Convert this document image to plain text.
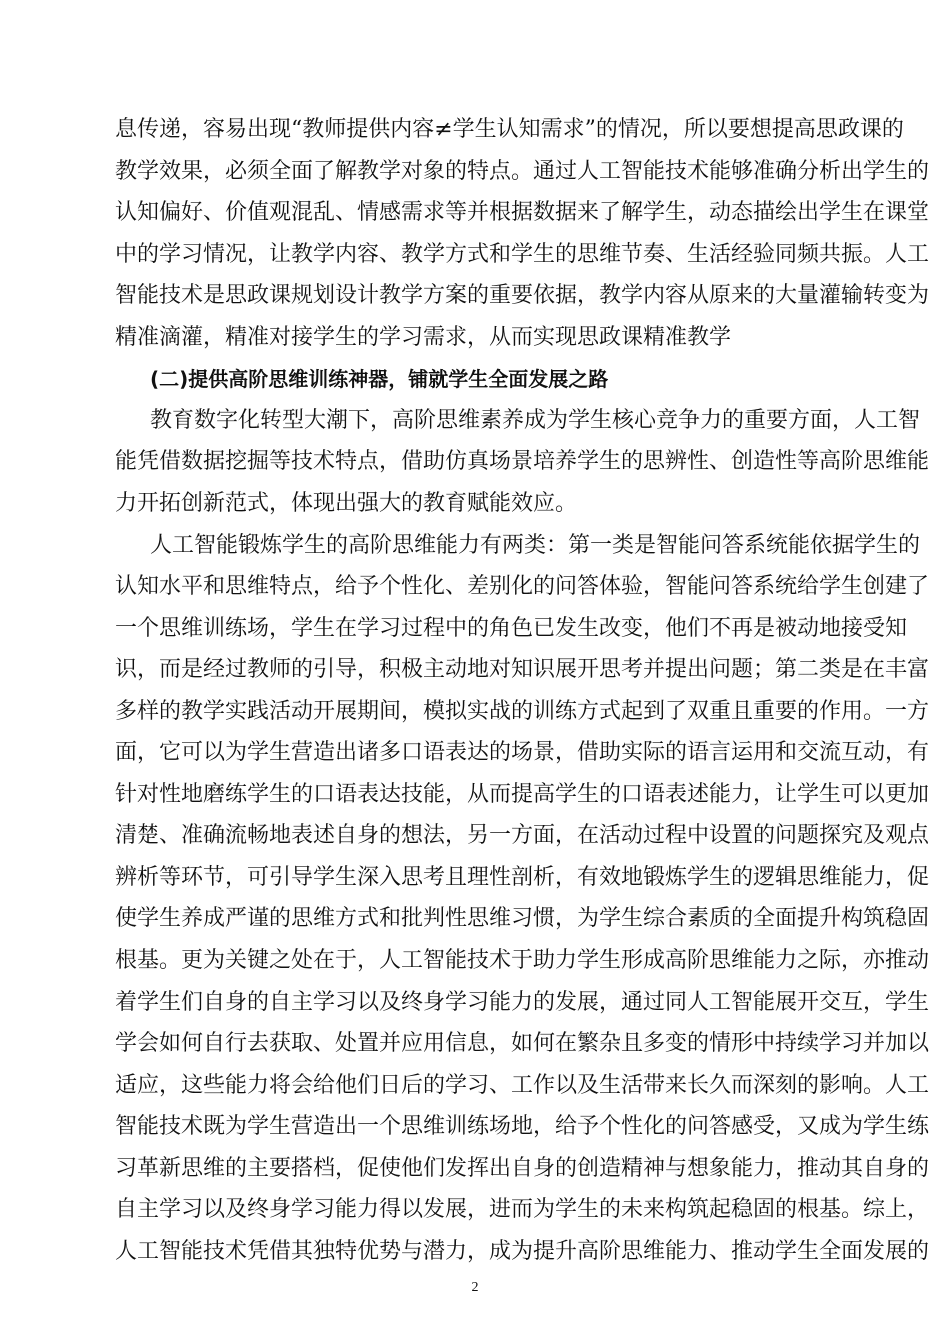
息传递，容易出现“教师提供内容≠学生认知需求”的情况，所以要想提高思政课的
教学效果，必须全面了解教学对象的特点。通过人工智能技术能够准确分析出学生的
认知偏好、价值观混乱、情感需求等并根据数据来了解学生，动态描绘出学生在课堂
中的学习情况，让教学内容、教学方式和学生的思维节奏、生活经验同频共振。人工
智能技术是思政课规划设计教学方案的重要依据，教学内容从原来的大量灌输转变为
精准滴灌，精准对接学生的学习需求，从而实现思政课精准教学
(二)提供高阶思维训练神器，铺就学生全面发展之路
教育数字化转型大潮下，高阶思维素养成为学生核心竞争力的重要方面，人工智
能凭借数据挖掘等技术特点，借助仿真场景培养学生的思辨性、创造性等高阶思维能
力开拓创新范式，体现出强大的教育赋能效应。
人工智能锻炼学生的高阶思维能力有两类：第一类是智能问答系统能依据学生的
认知水平和思维特点，给予个性化、差别化的问答体验，智能问答系统给学生创建了
一个思维训练场，学生在学习过程中的角色已发生改变，他们不再是被动地接受知
识，而是经过教师的引导，积极主动地对知识展开思考并提出问题；第二类是在丰富
多样的教学实践活动开展期间，模拟实战的训练方式起到了双重且重要的作用。一方
面，它可以为学生营造出诸多口语表达的场景，借助实际的语言运用和交流互动，有
针对性地磨练学生的口语表达技能，从而提高学生的口语表述能力，让学生可以更加
清楚、准确流畅地表述自身的想法，另一方面，在活动过程中设置的问题探究及观点
辨析等环节，可引导学生深入思考且理性剖析，有效地锻炼学生的逻辑思维能力，促
使学生养成严谨的思维方式和批判性思维习惯，为学生综合素质的全面提升构筑稳固
根基。更为关键之处在于，人工智能技术于助力学生形成高阶思维能力之际，亦推动
着学生们自身的自主学习以及终身学习能力的发展，通过同人工智能展开交互，学生
学会如何自行去获取、处置并应用信息，如何在繁杂且多变的情形中持续学习并加以
适应，这些能力将会给他们日后的学习、工作以及生活带来长久而深刻的影响。人工
智能技术既为学生营造出一个思维训练场地，给予个性化的问答感受，又成为学生练
习革新思维的主要搭档，促使他们发挥出自身的创造精神与想象能力，推动其自身的
自主学习以及终身学习能力得以发展，进而为学生的未来构筑起稳固的根基。综上，
人工智能技术凭借其独特优势与潜力，成为提升高阶思维能力、推动学生全面发展的
2
